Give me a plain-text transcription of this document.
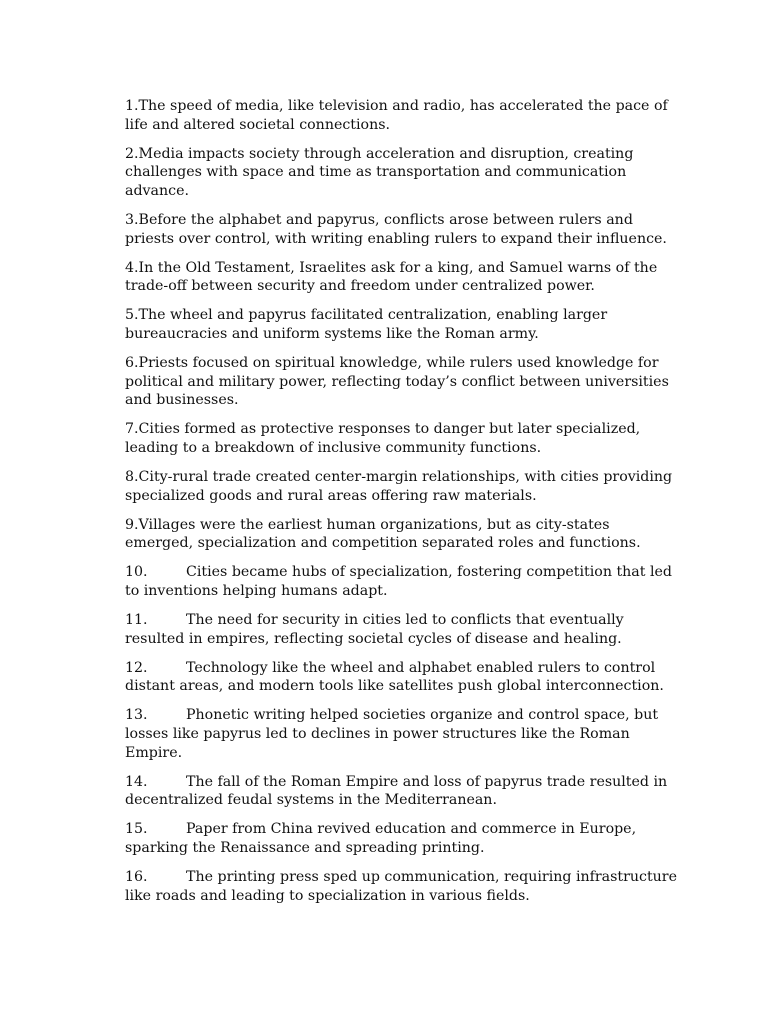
1.The speed of media, like television and radio, has accelerated the pace of life and altered societal connections.

2.Media impacts society through acceleration and disruption, creating challenges with space and time as transportation and communication advance.

3.Before the alphabet and papyrus, conflicts arose between rulers and priests over control, with writing enabling rulers to expand their influence.

4.In the Old Testament, Israelites ask for a king, and Samuel warns of the trade-off between security and freedom under centralized power.

5.The wheel and papyrus facilitated centralization, enabling larger bureaucracies and uniform systems like the Roman army.

6.Priests focused on spiritual knowledge, while rulers used knowledge for political and military power, reflecting today’s conflict between universities and businesses.

7.Cities formed as protective responses to danger but later specialized, leading to a breakdown of inclusive community functions.

8.City-rural trade created center-margin relationships, with cities providing specialized goods and rural areas offering raw materials.

9.Villages were the earliest human organizations, but as city-states emerged, specialization and competition separated roles and functions.

10.	Cities became hubs of specialization, fostering competition that led to inventions helping humans adapt.

11.	The need for security in cities led to conflicts that eventually resulted in empires, reflecting societal cycles of disease and healing.

12.	Technology like the wheel and alphabet enabled rulers to control distant areas, and modern tools like satellites push global interconnection.

13.	Phonetic writing helped societies organize and control space, but losses like papyrus led to declines in power structures like the Roman Empire.

14.	The fall of the Roman Empire and loss of papyrus trade resulted in decentralized feudal systems in the Mediterranean.

15.	Paper from China revived education and commerce in Europe, sparking the Renaissance and spreading printing.

16.	The printing press sped up communication, requiring infrastructure like roads and leading to specialization in various fields.
